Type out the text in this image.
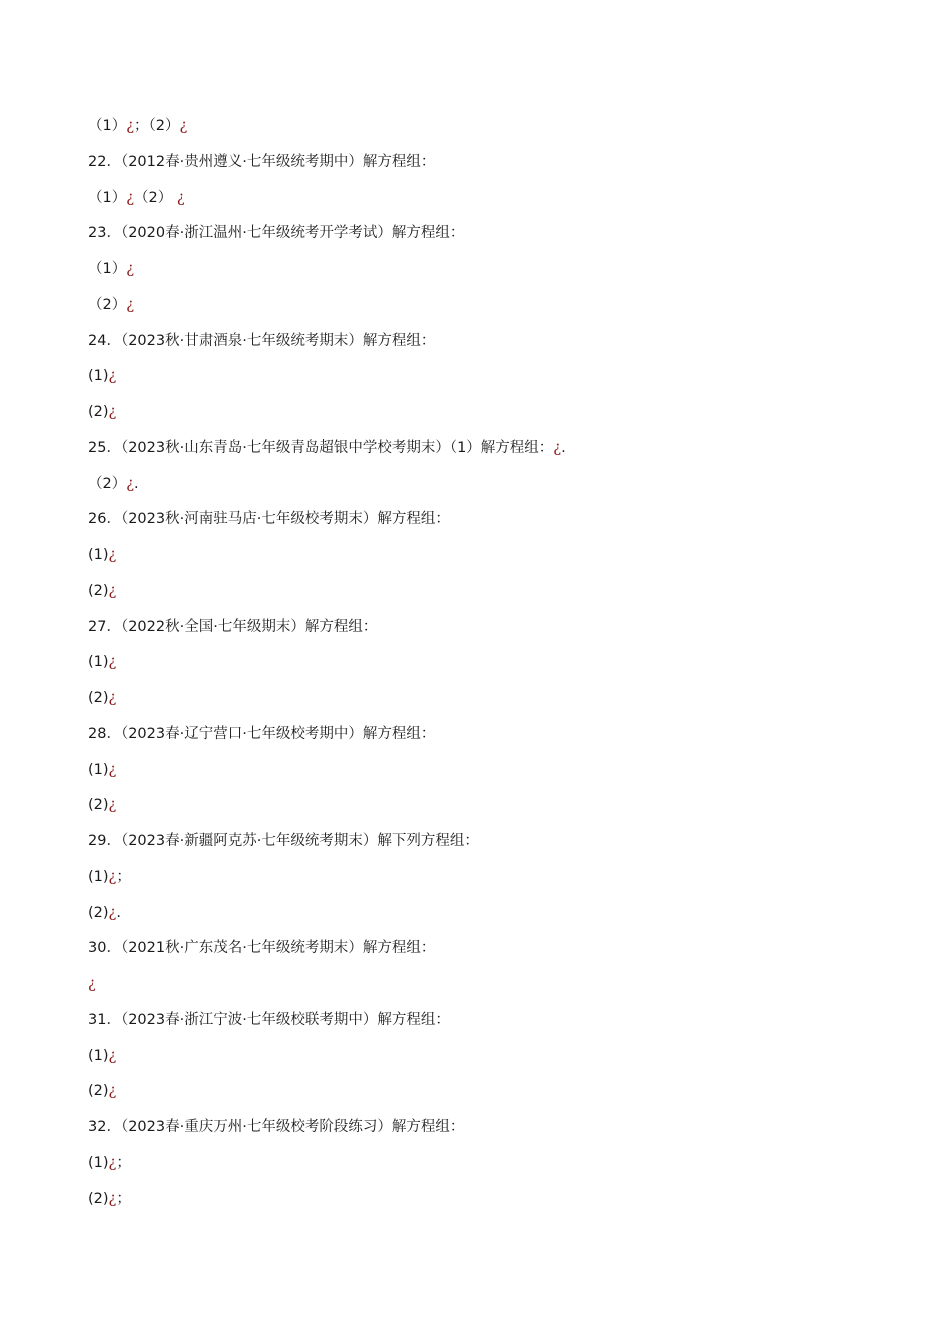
（1）¿；（2）¿
22．（2012春·贵州遵义·七年级统考期中）解方程组：
（1）¿（2） ¿
23．（2020春·浙江温州·七年级统考开学考试）解方程组：
（1）¿
（2）¿
24．（2023秋·甘肃酒泉·七年级统考期末）解方程组：
(1)¿
(2)¿
25．（2023秋·山东青岛·七年级青岛超银中学校考期末）（1）解方程组：¿.
（2）¿.
26．（2023秋·河南驻马店·七年级校考期末）解方程组：
(1)¿
(2)¿
27．（2022秋·全国·七年级期末）解方程组：
(1)¿
(2)¿
28．（2023春·辽宁营口·七年级校考期中）解方程组：
(1)¿
(2)¿
29．（2023春·新疆阿克苏·七年级统考期末）解下列方程组：
(1)¿；
(2)¿.
30．（2021秋·广东茂名·七年级统考期末）解方程组：
¿
31．（2023春·浙江宁波·七年级校联考期中）解方程组：
(1)¿
(2)¿
32．（2023春·重庆万州·七年级校考阶段练习）解方程组：
(1)¿；
(2)¿；
